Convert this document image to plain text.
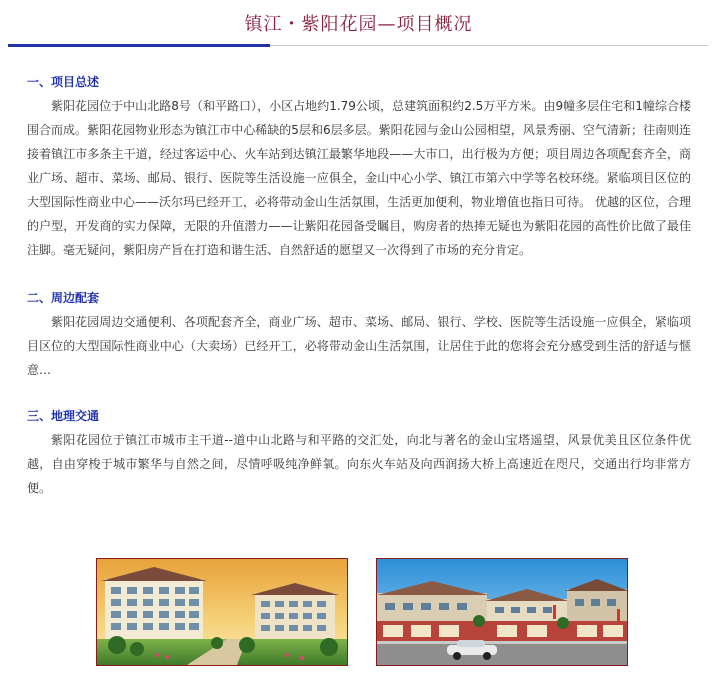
镇江・紫阳花园—项目概况
一、项目总述

紫阳花园位于中山北路8号（和平路口），小区占地约1.79公顷，总建筑面积约2.5万平方米。由9幢多层住宅和1幢综合楼围合而成。紫阳花园物业形态为镇江市中心稀缺的5层和6层多层。紫阳花园与金山公园相望，风景秀丽、空气清新；往南则连接着镇江市多条主干道，经过客运中心、火车站到达镇江最繁华地段——大市口，出行极为方便；项目周边各项配套齐全，商业广场、超市、菜场、邮局、银行、医院等生活设施一应俱全，金山中心小学、镇江市第六中学等名校环绕。紧临项目区位的大型国际性商业中心——沃尔玛已经开工，必将带动金山生活氛围，生活更加便利，物业增值也指日可待。 优越的区位，合理的户型，开发商的实力保障，无限的升值潜力——让紫阳花园备受瞩目，购房者的热捧无疑也为紫阳花园的高性价比做了最佳注脚。毫无疑问，紫阳房产旨在打造和谐生活、自然舒适的愿望又一次得到了市场的充分肯定。

二、周边配套

紫阳花园周边交通便利、各项配套齐全，商业广场、超市、菜场、邮局、银行、学校、医院等生活设施一应俱全，紧临项目区位的大型国际性商业中心（大卖场）已经开工，必将带动金山生活氛围，让居住于此的您将会充分感受到生活的舒适与惬意…

三、地理交通

紫阳花园位于镇江市城市主干道--道中山北路与和平路的交汇处，向北与著名的金山宝塔遥望，风景优美且区位条件优越，自由穿梭于城市繁华与自然之间，尽情呼吸纯净鲜氧。向东火车站及向西润扬大桥上高速近在咫尺，交通出行均非常方便。
